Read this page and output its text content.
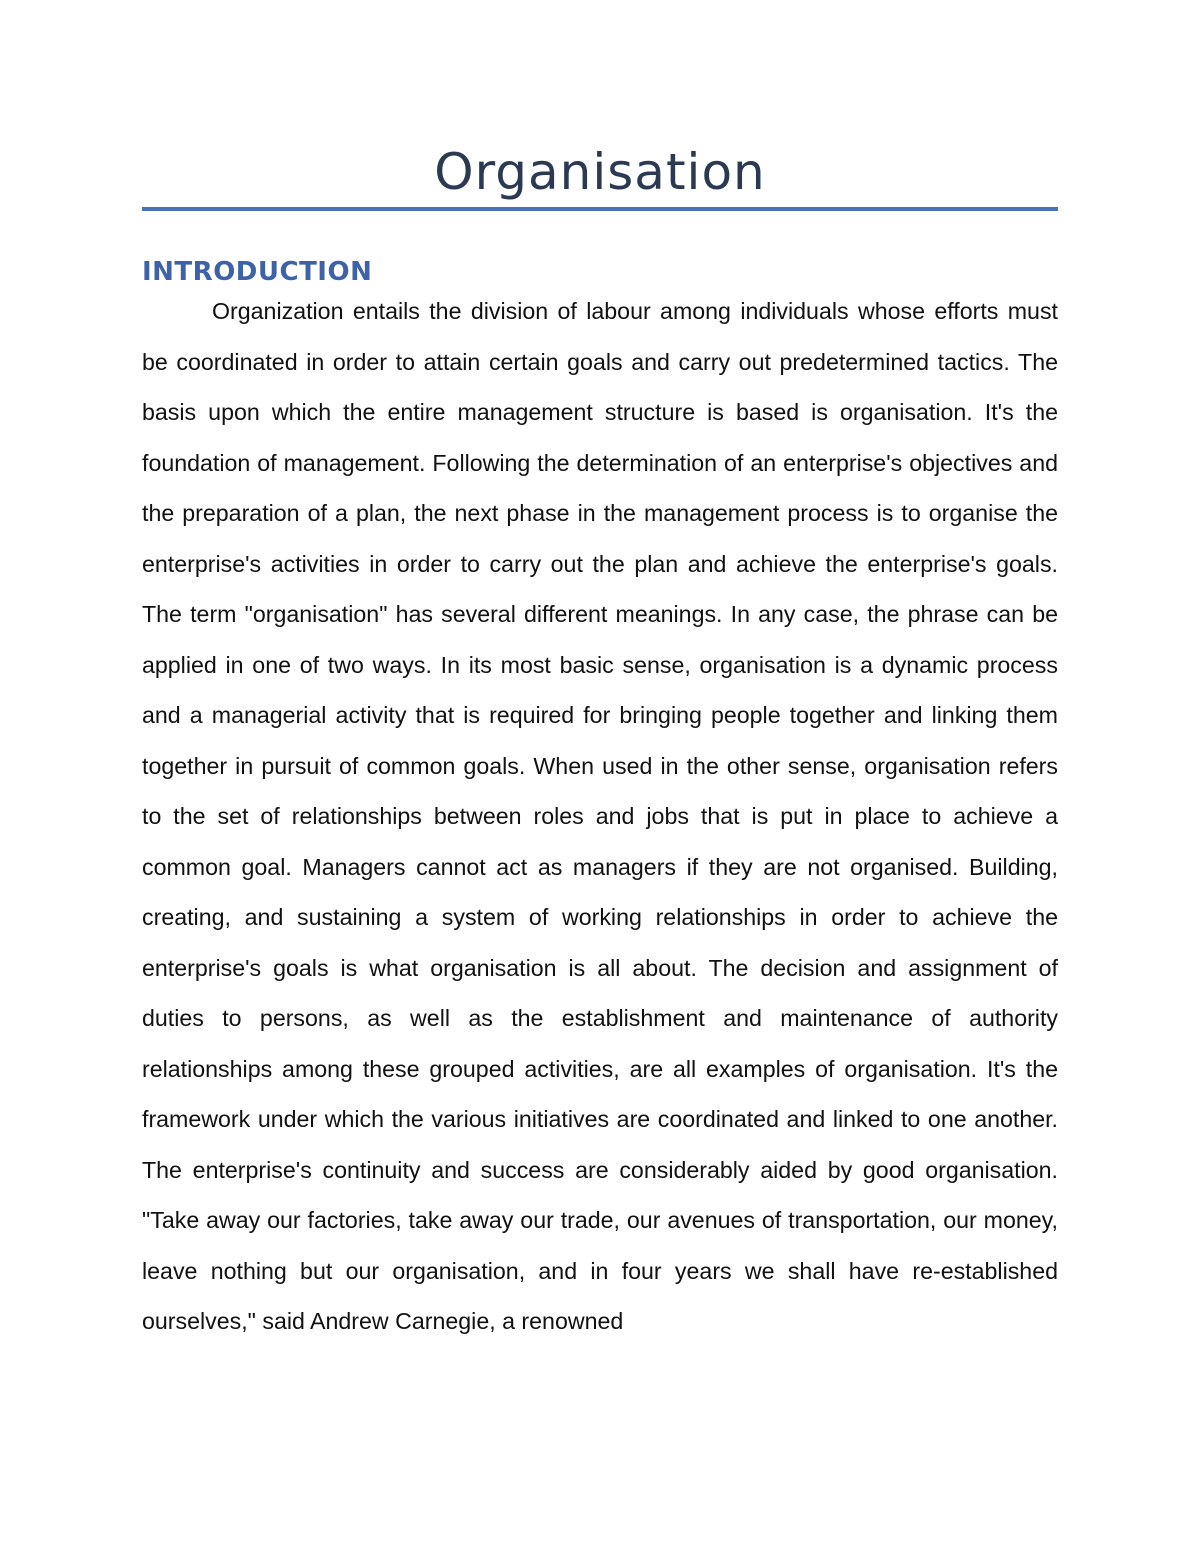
Organisation
INTRODUCTION

Organization entails the division of labour among individuals whose efforts must be coordinated in order to attain certain goals and carry out predetermined tactics. The basis upon which the entire management structure is based is organisation. It's the foundation of management. Following the determination of an enterprise's objectives and the preparation of a plan, the next phase in the management process is to organise the enterprise's activities in order to carry out the plan and achieve the enterprise's goals. The term "organisation" has several different meanings. In any case, the phrase can be applied in one of two ways. In its most basic sense, organisation is a dynamic process and a managerial activity that is required for bringing people together and linking them together in pursuit of common goals. When used in the other sense, organisation refers to the set of relationships between roles and jobs that is put in place to achieve a common goal. Managers cannot act as managers if they are not organised. Building, creating, and sustaining a system of working relationships in order to achieve the enterprise's goals is what organisation is all about. The decision and assignment of duties to persons, as well as the establishment and maintenance of authority relationships among these grouped activities, are all examples of organisation. It's the framework under which the various initiatives are coordinated and linked to one another. The enterprise's continuity and success are considerably aided by good organisation. "Take away our factories, take away our trade, our avenues of transportation, our money, leave nothing but our organisation, and in four years we shall have re-established ourselves," said Andrew Carnegie, a renowned
